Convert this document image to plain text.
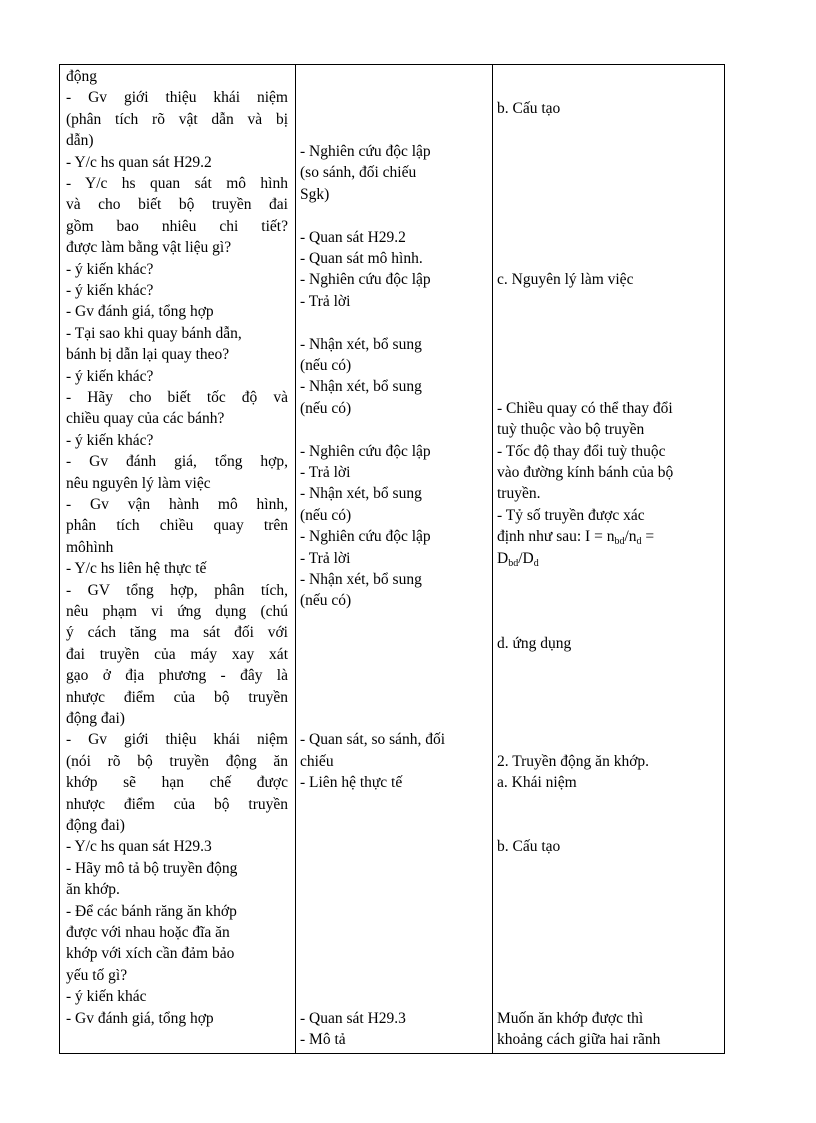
động
- Gv giới thiệu khái niệm
(phân tích rõ vật dẫn và bị
dẫn)
- Y/c hs quan sát H29.2
- Y/c hs quan sát mô hình
và cho biết bộ truyền đai
gồm bao nhiêu chi tiết?
được làm bằng vật liệu gì?
- ý kiến khác?
- ý kiến khác?
- Gv đánh giá, tổng hợp
- Tại sao khi quay bánh dẫn,
bánh bị dẫn lại quay theo?
- ý kiến khác?
- Hãy cho biết tốc độ và
chiều quay của các bánh?
- ý kiến khác?
- Gv đánh giá, tổng hợp,
nêu nguyên lý làm việc
- Gv vận hành mô hình,
phân tích chiều quay trên
môhình
- Y/c hs liên hệ thực tế
- GV tổng hợp, phân tích,
nêu phạm vi ứng dụng (chú
ý cách tăng ma sát đối với
đai truyền của máy xay xát
gạo ở địa phương - đây là
nhược điểm của bộ truyền
động đai)
- Gv giới thiệu khái niệm
(nói rõ bộ truyền động ăn
khớp sẽ hạn chế được
nhược điểm của bộ truyền
động đai)
- Y/c hs quan sát H29.3
- Hãy mô tả bộ truyền động
ăn khớp.
- Để các bánh răng ăn khớp
được với nhau hoặc đĩa ăn
khớp với xích cần đảm bảo
yếu tố gì?
- ý kiến khác
- Gv đánh giá, tổng hợp
- Nghiên cứu độc lập
(so sánh, đối chiếu
Sgk)
- Quan sát H29.2
- Quan sát mô hình.
- Nghiên cứu độc lập
- Trả lời
- Nhận xét, bổ sung
(nếu có)
- Nhận xét, bổ sung
(nếu có)
- Nghiên cứu độc lập
- Trả lời
- Nhận xét, bổ sung
(nếu có)
- Nghiên cứu độc lập
- Trả lời
- Nhận xét, bổ sung
(nếu có)
- Quan sát, so sánh, đối
chiếu
- Liên hệ thực tế
- Quan sát H29.3
- Mô tả
b. Cấu tạo
c. Nguyên lý làm việc
- Chiều quay có thể thay đổi
tuỳ thuộc vào bộ truyền
- Tốc độ thay đổi tuỳ thuộc
vào đường kính bánh của bộ
truyền.
- Tỷ số truyền được xác
định như sau: $I = n_{bd}/n_d$ =
$D_{bd}/D_d$
d. ứng dụng
2. Truyền động ăn khớp.
a. Khái niệm
b. Cấu tạo
Muốn ăn khớp được thì
khoảng cách giữa hai rãnh
